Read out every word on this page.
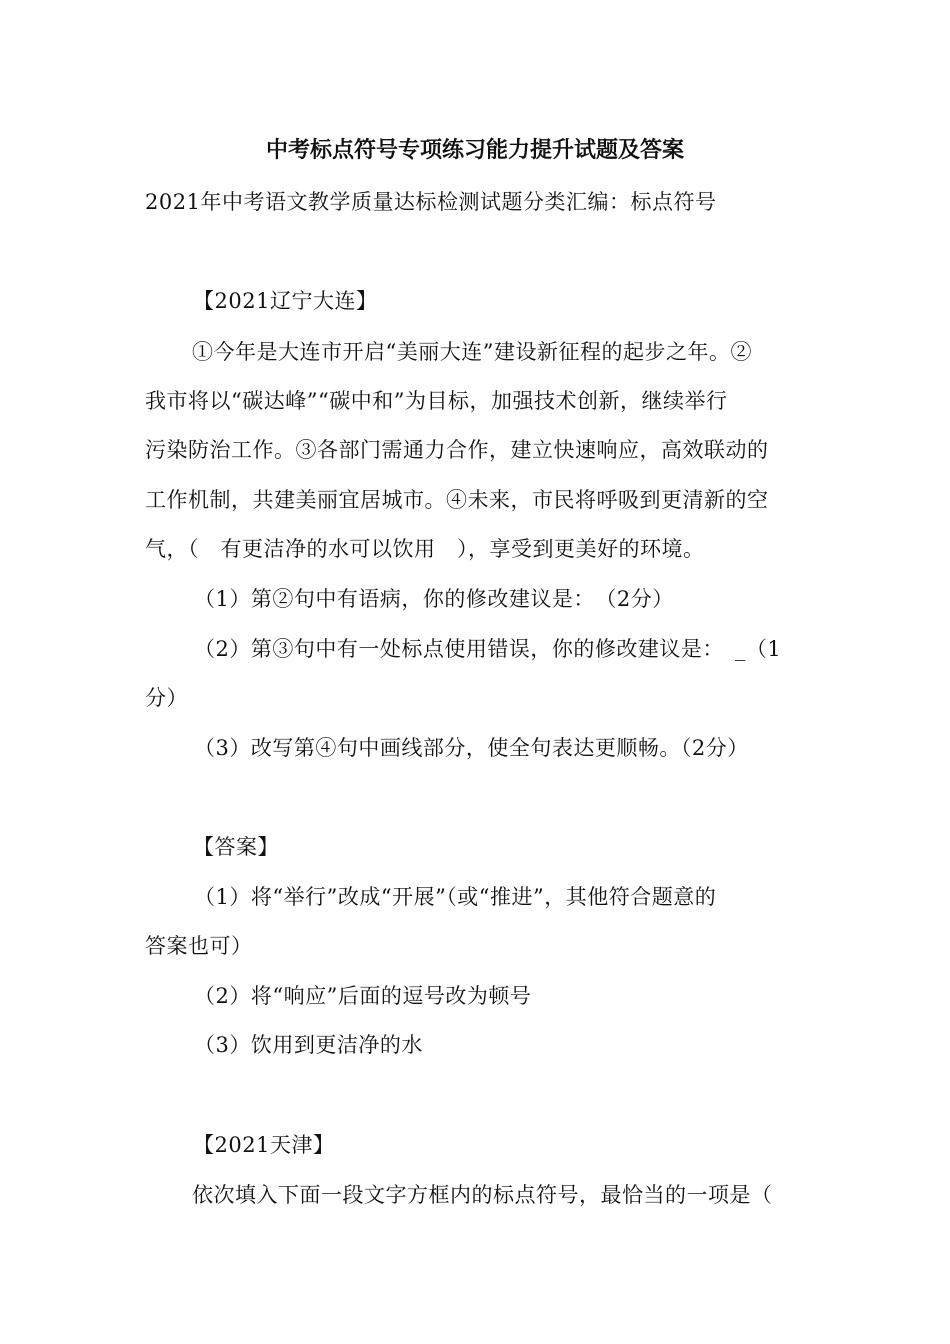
中考标点符号专项练习能力提升试题及答案
2021年中考语文教学质量达标检测试题分类汇编：标点符号
【2021辽宁大连】
①今年是大连市开启“美丽大连”建设新征程的起步之年。②
我市将以“碳达峰”“碳中和”为目标，加强技术创新，继续举行
污染防治工作。③各部门需通力合作，建立快速响应，高效联动的
工作机制，共建美丽宜居城市。④未来，市民将呼吸到更清新的空
气，（　有更洁净的水可以饮用　），享受到更美好的环境。
（1）第②句中有语病，你的修改建议是：　（2分）
（2）第③句中有一处标点使用错误，你的修改建议是：　_（1
分）
（3）改写第④句中画线部分，使全句表达更顺畅。（2分）
【答案】
（1）将“举行”改成“开展”（或“推进”，其他符合题意的
答案也可）
（2）将“响应”后面的逗号改为顿号
（3）饮用到更洁净的水
【2021天津】
依次填入下面一段文字方框内的标点符号，最恰当的一项是（
